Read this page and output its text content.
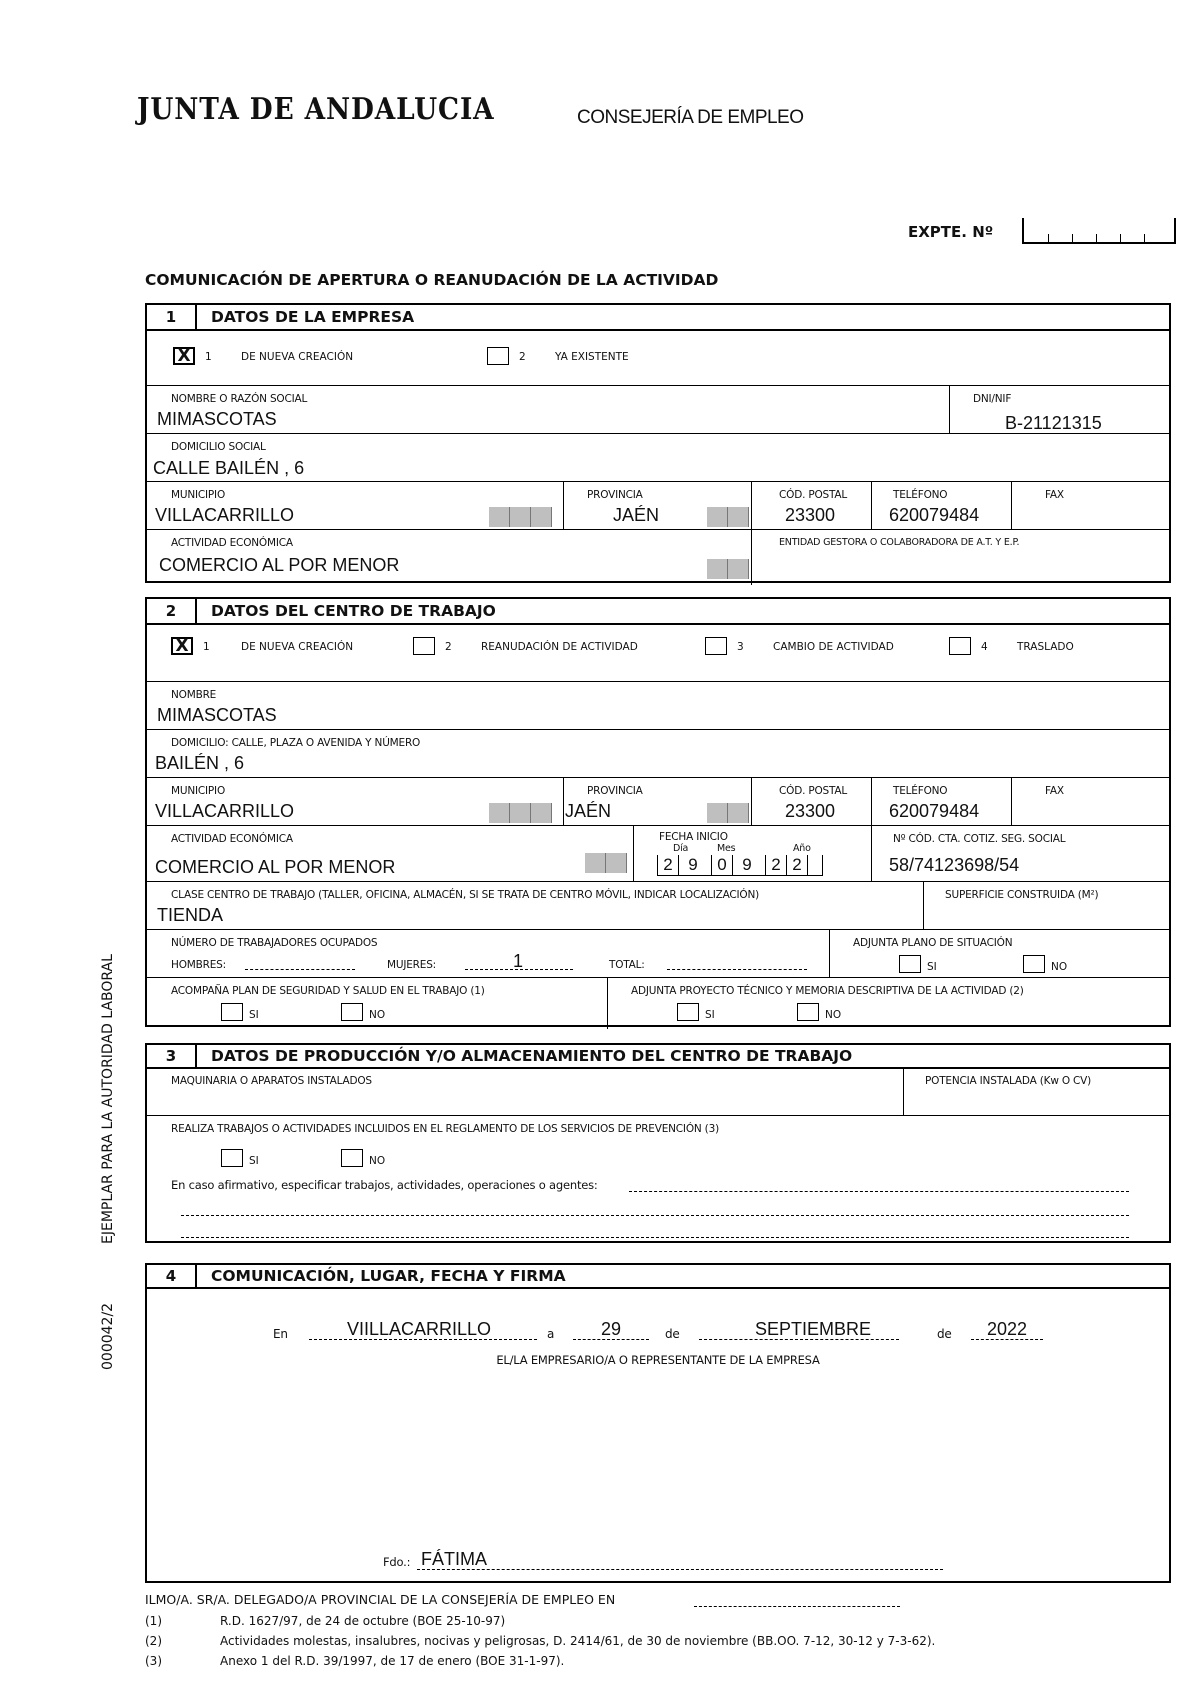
JUNTA DE ANDALUCIA	CONSEJERÍA DE EMPLEO
EXPTE. Nº
COMUNICACIÓN DE APERTURA O REANUDACIÓN DE LA ACTIVIDAD
1	DATOS DE LA EMPRESA
X	1	DE NUEVA CREACIÓN	2	YA EXISTENTE
NOMBRE O RAZÓN SOCIAL
MIMASCOTAS
DNI/NIF
B-21121315
DOMICILIO SOCIAL
CALLE BAILÉN , 6
MUNICIPIO
VILLACARRILLO
PROVINCIA
JAÉN
CÓD. POSTAL
23300
TELÉFONO
620079484
FAX
ACTIVIDAD ECONÓMICA
COMERCIO AL POR MENOR
ENTIDAD GESTORA O COLABORADORA DE A.T. Y E.P.
2	DATOS DEL CENTRO DE TRABAJO
X	1	DE NUEVA CREACIÓN	2	REANUDACIÓN DE ACTIVIDAD	3	CAMBIO DE ACTIVIDAD	4	TRASLADO
NOMBRE
MIMASCOTAS
DOMICILIO: CALLE, PLAZA O AVENIDA Y NÚMERO
BAILÉN , 6
MUNICIPIO
VILLACARRILLO
PROVINCIA
JAÉN
CÓD. POSTAL
23300
TELÉFONO
620079484
FAX
ACTIVIDAD ECONÓMICA
COMERCIO AL POR MENOR
FECHA INICIO
Día	Mes	Año
2 9	0 9	2 2
Nº CÓD. CTA. COTIZ. SEG. SOCIAL
58/74123698/54
CLASE CENTRO DE TRABAJO (TALLER, OFICINA, ALMACÉN, SI SE TRATA DE CENTRO MÓVIL, INDICAR LOCALIZACIÓN)
TIENDA
SUPERFICIE CONSTRUIDA (M²)
NÚMERO DE TRABAJADORES OCUPADOS
HOMBRES:	MUJERES:	1	TOTAL:
ADJUNTA PLANO DE SITUACIÓN
SI	NO
ACOMPAÑA PLAN DE SEGURIDAD Y SALUD EN EL TRABAJO (1)
SI	NO
ADJUNTA PROYECTO TÉCNICO Y MEMORIA DESCRIPTIVA DE LA ACTIVIDAD (2)
SI	NO
3	DATOS DE PRODUCCIÓN Y/O ALMACENAMIENTO DEL CENTRO DE TRABAJO
MAQUINARIA O APARATOS INSTALADOS	POTENCIA INSTALADA (Kw O CV)
REALIZA TRABAJOS O ACTIVIDADES INCLUIDOS EN EL REGLAMENTO DE LOS SERVICIOS DE PREVENCIÓN (3)
SI	NO
En caso afirmativo, especificar trabajos, actividades, operaciones o agentes:
4	COMUNICACIÓN, LUGAR, FECHA Y FIRMA
En	VIILLACARRILLO	a	29	de	SEPTIEMBRE	de 2022
EL/LA EMPRESARIO/A O REPRESENTANTE DE LA EMPRESA
Fdo.: FÁTIMA
ILMO/A. SR/A. DELEGADO/A PROVINCIAL DE LA CONSEJERÍA DE EMPLEO EN
(1)	R.D. 1627/97, de 24 de octubre (BOE 25-10-97)
(2)	Actividades molestas, insalubres, nocivas y peligrosas, D. 2414/61, de 30 de noviembre (BB.OO. 7-12, 30-12 y 7-3-62).
(3)	Anexo 1 del R.D. 39/1997, de 17 de enero (BOE 31-1-97).
EJEMPLAR PARA LA AUTORIDAD LABORAL
000042/2
